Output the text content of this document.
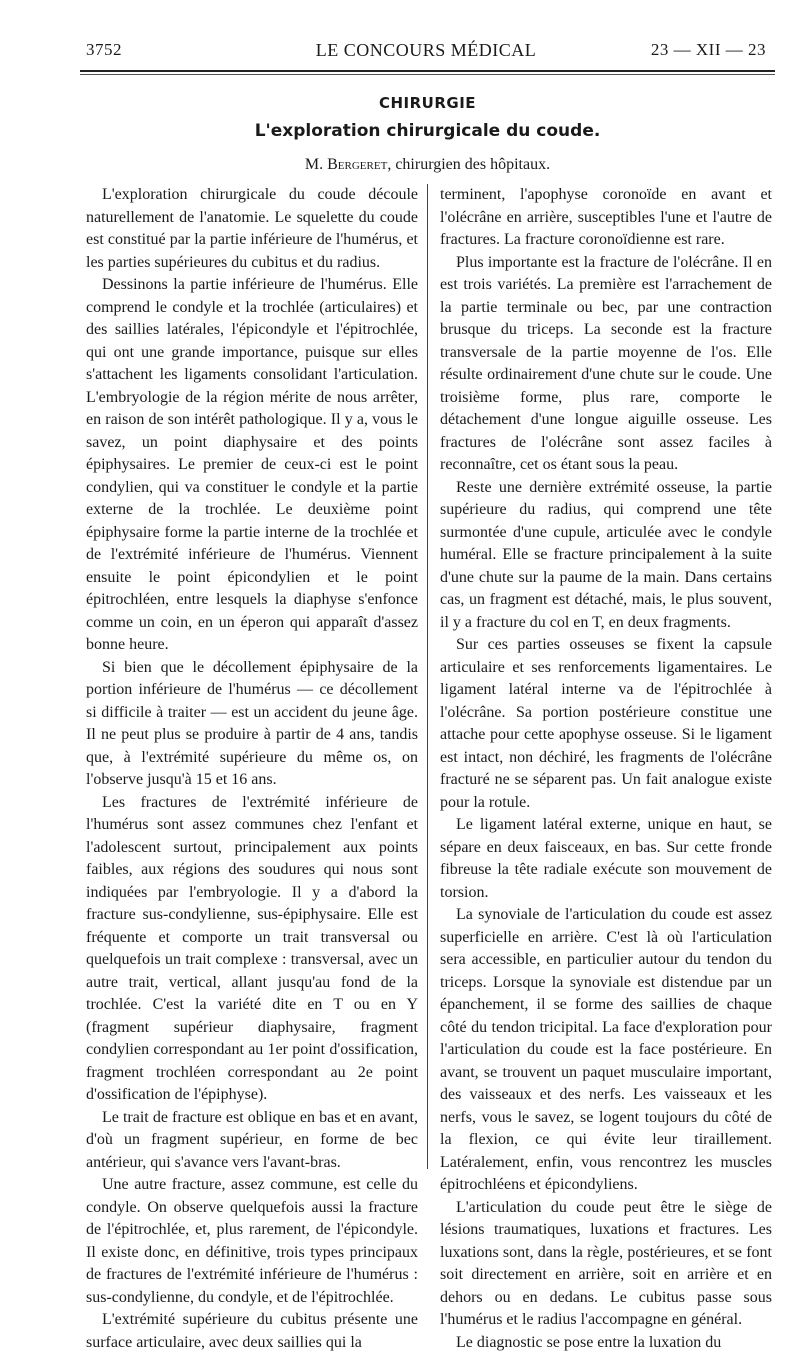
3752	LE CONCOURS MÉDICAL	23 — XII — 23
CHIRURGIE
L'exploration chirurgicale du coude.
M. Bergeret, chirurgien des hôpitaux.

L'exploration chirurgicale du coude découle naturellement de l'anatomie. Le squelette du coude est constitué par la partie inférieure de l'humérus, et les parties supérieures du cubitus et du radius.

Dessinons la partie inférieure de l'humérus. Elle comprend le condyle et la trochlée (articulaires) et des saillies latérales, l'épicondyle et l'épitrochlée, qui ont une grande importance, puisque sur elles s'attachent les ligaments consolidant l'articulation. L'embryologie de la région mérite de nous arrêter, en raison de son intérêt pathologique. Il y a, vous le savez, un point diaphysaire et des points épiphysaires. Le premier de ceux-ci est le point condylien, qui va constituer le condyle et la partie externe de la trochlée. Le deuxième point épiphysaire forme la partie interne de la trochlée et de l'extrémité inférieure de l'humérus. Viennent ensuite le point épicondylien et le point épitrochléen, entre lesquels la diaphyse s'enfonce comme un coin, en un éperon qui apparaît d'assez bonne heure.

Si bien que le décollement épiphysaire de la portion inférieure de l'humérus — ce décollement si difficile à traiter — est un accident du jeune âge. Il ne peut plus se produire à partir de 4 ans, tandis que, à l'extrémité supérieure du même os, on l'observe jusqu'à 15 et 16 ans.

Les fractures de l'extrémité inférieure de l'humérus sont assez communes chez l'enfant et l'adolescent surtout, principalement aux points faibles, aux régions des soudures qui nous sont indiquées par l'embryologie. Il y a d'abord la fracture sus-condylienne, sus-épiphysaire. Elle est fréquente et comporte un trait transversal ou quelquefois un trait complexe : transversal, avec un autre trait, vertical, allant jusqu'au fond de la trochlée. C'est la variété dite en T ou en Y (fragment supérieur diaphysaire, fragment condylien correspondant au 1er point d'ossification, fragment trochléen correspondant au 2e point d'ossification de l'épiphyse).

Le trait de fracture est oblique en bas et en avant, d'où un fragment supérieur, en forme de bec antérieur, qui s'avance vers l'avant-bras.

Une autre fracture, assez commune, est celle du condyle. On observe quelquefois aussi la fracture de l'épitrochlée, et, plus rarement, de l'épicondyle. Il existe donc, en définitive, trois types principaux de fractures de l'extrémité inférieure de l'humérus : sus-condylienne, du condyle, et de l'épitrochlée.

L'extrémité supérieure du cubitus présente une surface articulaire, avec deux saillies qui la

terminent, l'apophyse coronoïde en avant et l'olécrâne en arrière, susceptibles l'une et l'autre de fractures. La fracture coronoïdienne est rare.

Plus importante est la fracture de l'olécrâne. Il en est trois variétés. La première est l'arrachement de la partie terminale ou bec, par une contraction brusque du triceps. La seconde est la fracture transversale de la partie moyenne de l'os. Elle résulte ordinairement d'une chute sur le coude. Une troisième forme, plus rare, comporte le détachement d'une longue aiguille osseuse. Les fractures de l'olécrâne sont assez faciles à reconnaître, cet os étant sous la peau.

Reste une dernière extrémité osseuse, la partie supérieure du radius, qui comprend une tête surmontée d'une cupule, articulée avec le condyle huméral. Elle se fracture principalement à la suite d'une chute sur la paume de la main. Dans certains cas, un fragment est détaché, mais, le plus souvent, il y a fracture du col en T, en deux fragments.

Sur ces parties osseuses se fixent la capsule articulaire et ses renforcements ligamentaires. Le ligament latéral interne va de l'épitrochlée à l'olécrâne. Sa portion postérieure constitue une attache pour cette apophyse osseuse. Si le ligament est intact, non déchiré, les fragments de l'olécrâne fracturé ne se séparent pas. Un fait analogue existe pour la rotule.

Le ligament latéral externe, unique en haut, se sépare en deux faisceaux, en bas. Sur cette fronde fibreuse la tête radiale exécute son mouvement de torsion.

La synoviale de l'articulation du coude est assez superficielle en arrière. C'est là où l'articulation sera accessible, en particulier autour du tendon du triceps. Lorsque la synoviale est distendue par un épanchement, il se forme des saillies de chaque côté du tendon tricipital. La face d'exploration pour l'articulation du coude est la face postérieure. En avant, se trouvent un paquet musculaire important, des vaisseaux et des nerfs. Les vaisseaux et les nerfs, vous le savez, se logent toujours du côté de la flexion, ce qui évite leur tiraillement. Latéralement, enfin, vous rencontrez les muscles épitrochléens et épicondyliens.

L'articulation du coude peut être le siège de lésions traumatiques, luxations et fractures. Les luxations sont, dans la règle, postérieures, et se font soit directement en arrière, soit en arrière et en dehors ou en dedans. Le cubitus passe sous l'humérus et le radius l'accompagne en général.

Le diagnostic se pose entre la luxation du
